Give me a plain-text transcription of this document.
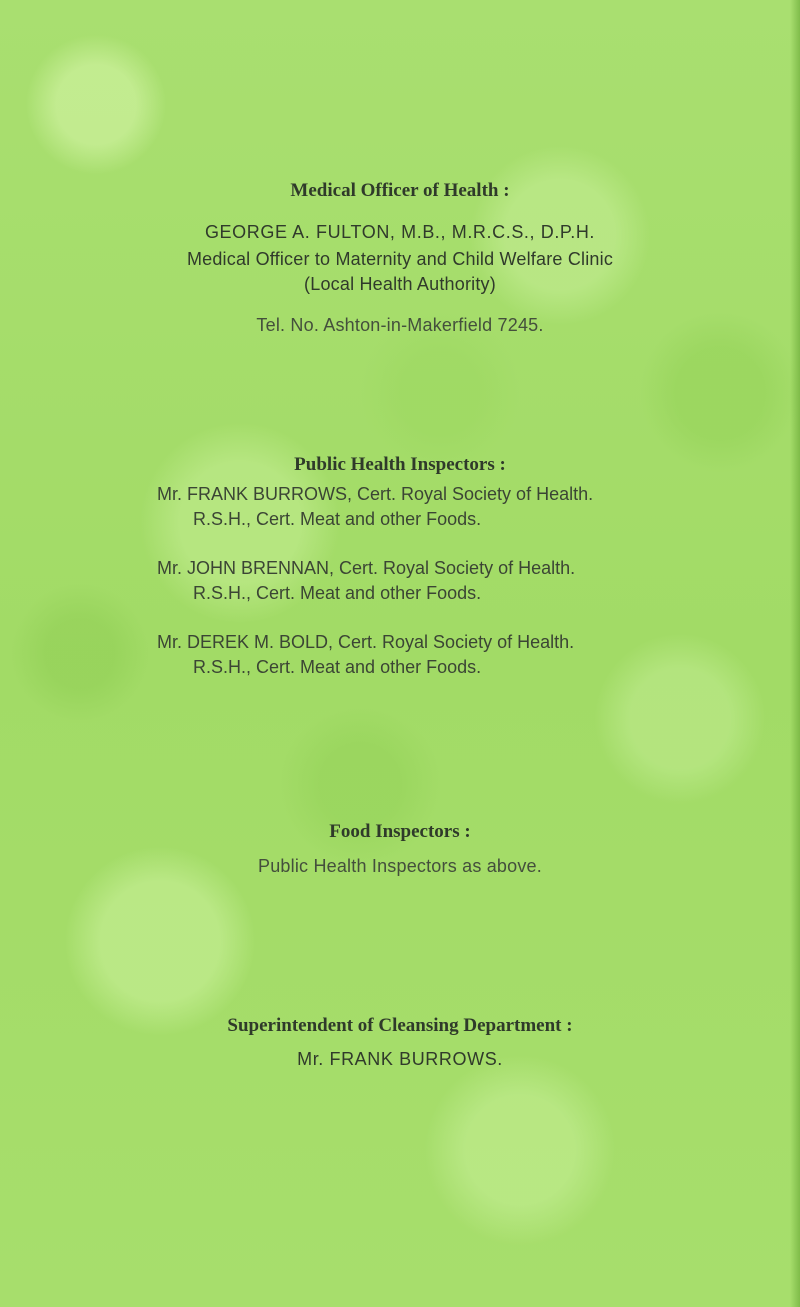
Medical Officer of Health :
GEORGE A. FULTON, M.B., M.R.C.S., D.P.H.
Medical Officer to Maternity and Child Welfare Clinic
(Local Health Authority)
Tel. No. Ashton-in-Makerfield 7245.
Public Health Inspectors :
Mr. FRANK BURROWS, Cert. Royal Society of Health.
R.S.H., Cert. Meat and other Foods.
Mr. JOHN BRENNAN, Cert. Royal Society of Health.
R.S.H., Cert. Meat and other Foods.
Mr. DEREK M. BOLD, Cert. Royal Society of Health.
R.S.H., Cert. Meat and other Foods.
Food Inspectors :
Public Health Inspectors as above.
Superintendent of Cleansing Department :
Mr. FRANK BURROWS.
